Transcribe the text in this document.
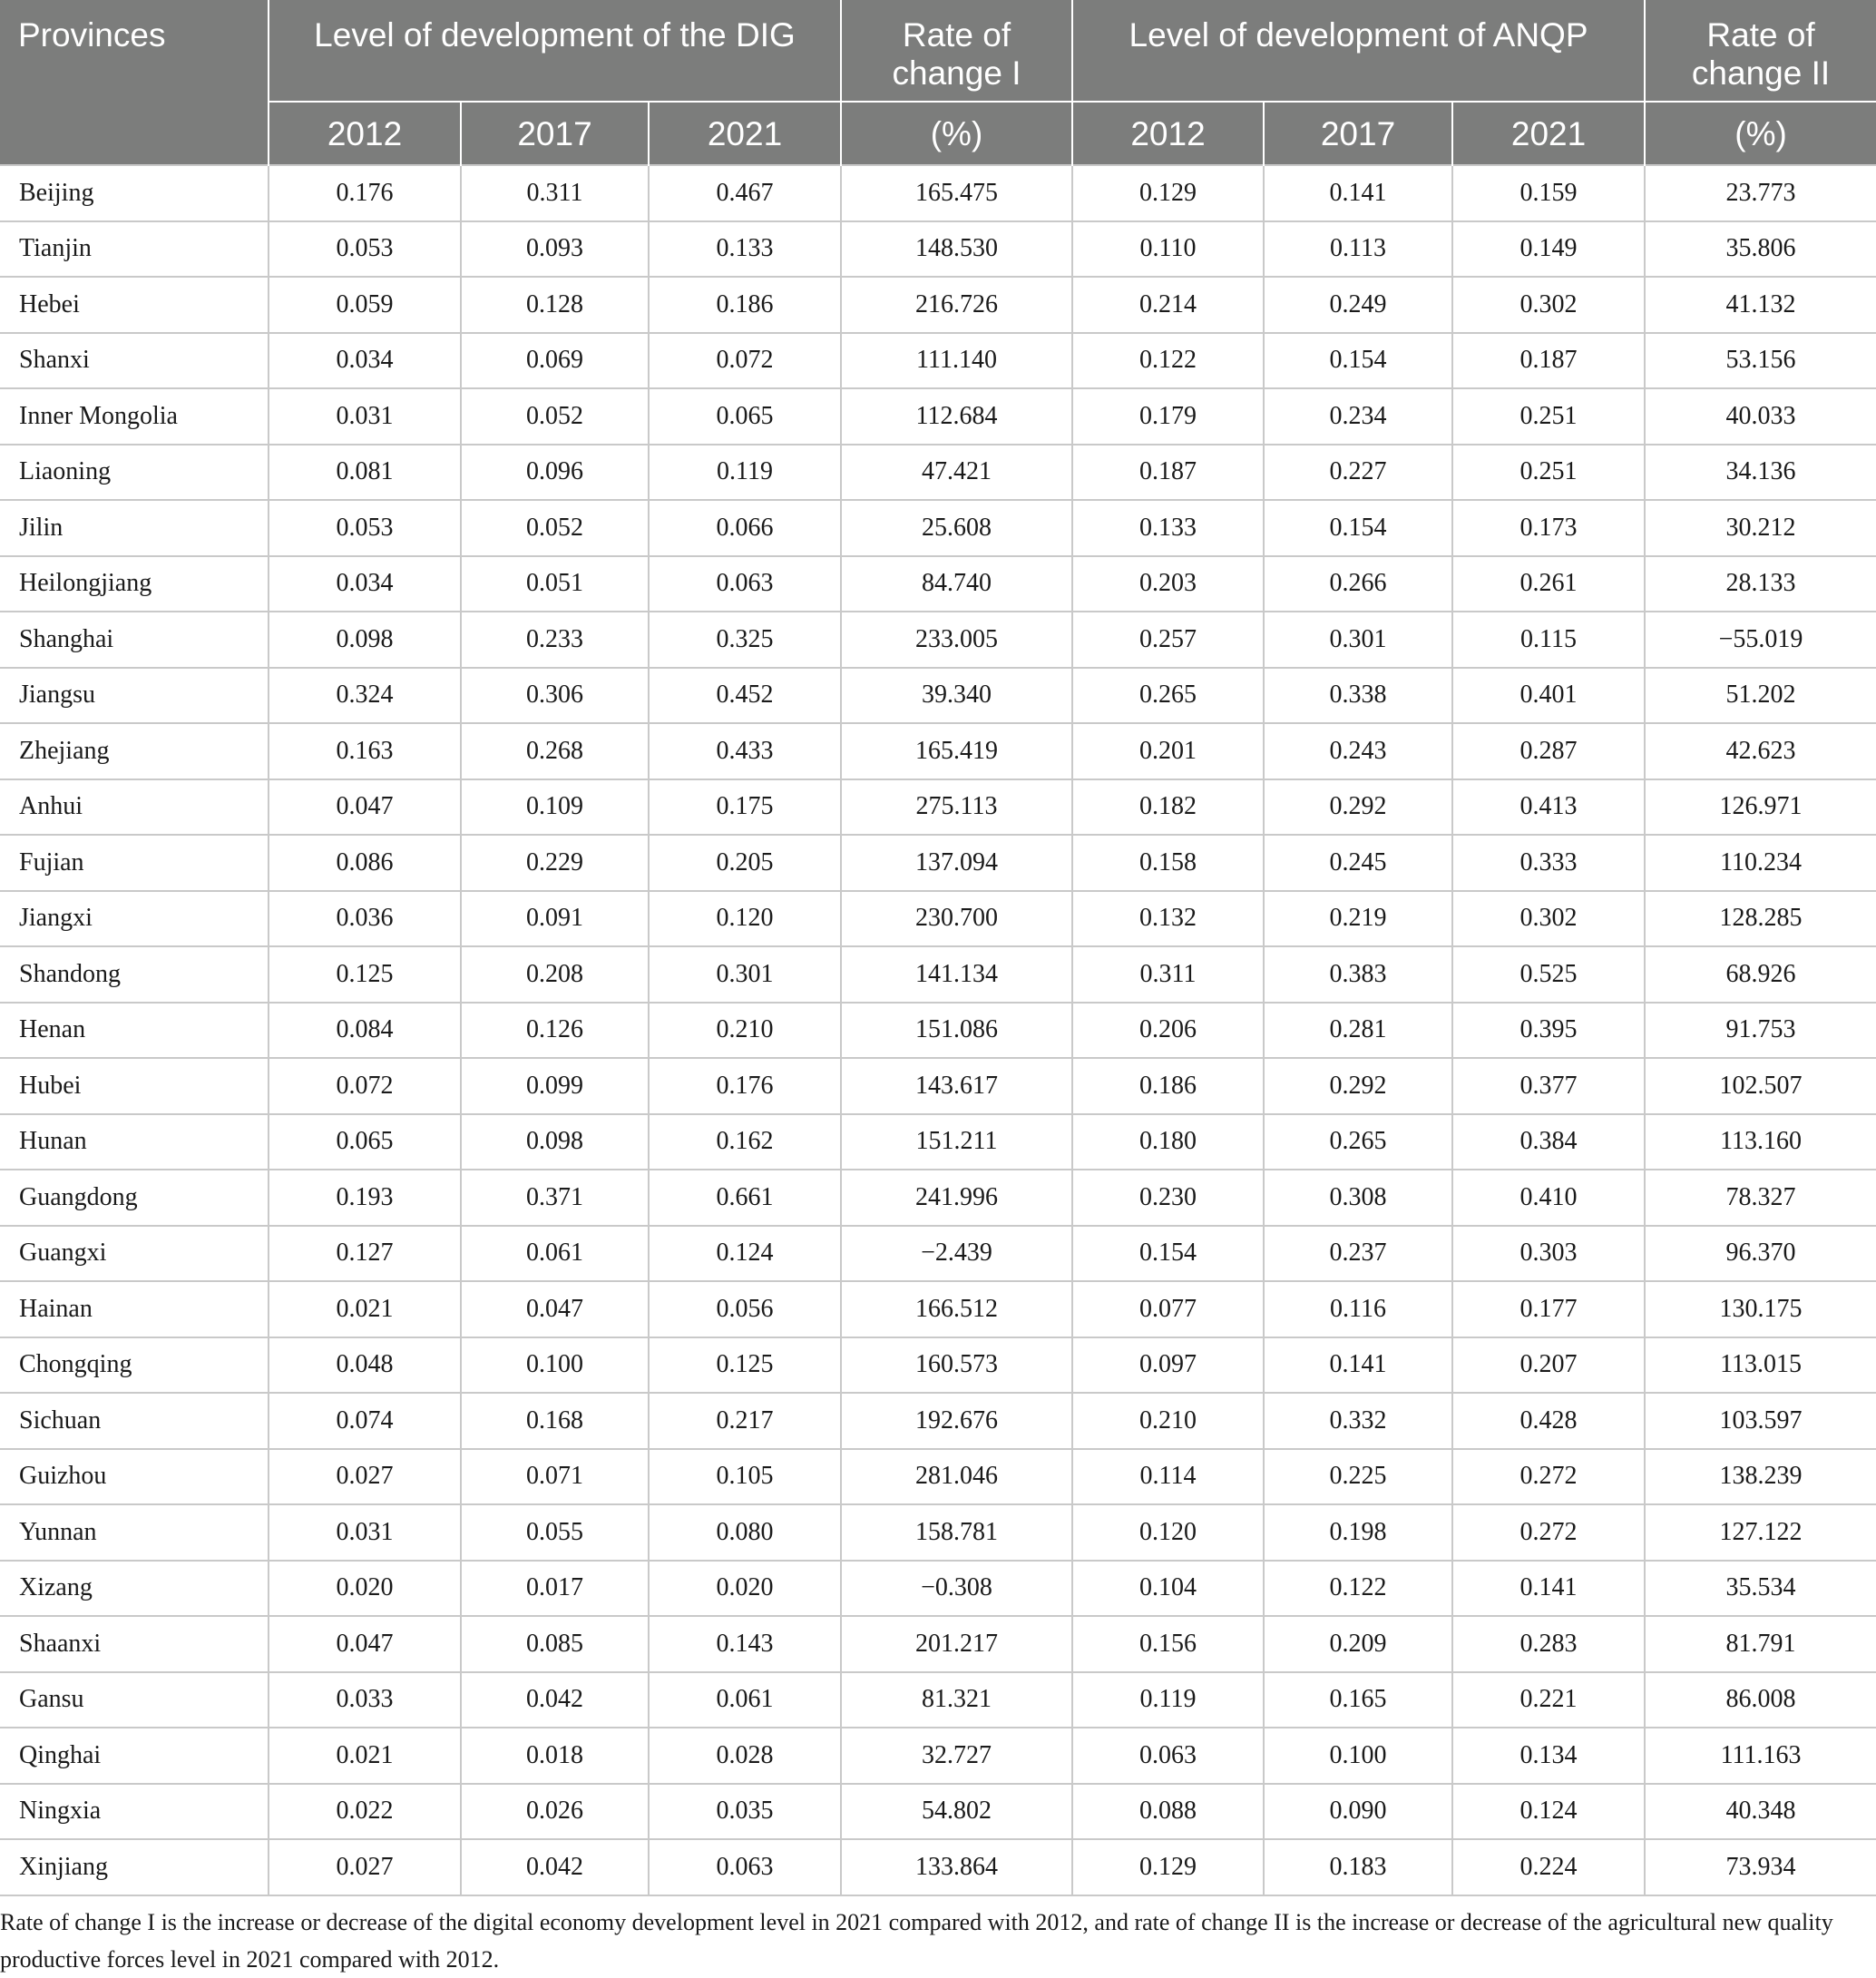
Provinces	Level of development of the DIG			Rate of change I	Level of development of ANQP			Rate of change II
	2012	2017	2021	(%)	2012	2017	2021	(%)
Beijing	0.176	0.311	0.467	165.475	0.129	0.141	0.159	23.773
Tianjin	0.053	0.093	0.133	148.530	0.110	0.113	0.149	35.806
Hebei	0.059	0.128	0.186	216.726	0.214	0.249	0.302	41.132
Shanxi	0.034	0.069	0.072	111.140	0.122	0.154	0.187	53.156
Inner Mongolia	0.031	0.052	0.065	112.684	0.179	0.234	0.251	40.033
Liaoning	0.081	0.096	0.119	47.421	0.187	0.227	0.251	34.136
Jilin	0.053	0.052	0.066	25.608	0.133	0.154	0.173	30.212
Heilongjiang	0.034	0.051	0.063	84.740	0.203	0.266	0.261	28.133
Shanghai	0.098	0.233	0.325	233.005	0.257	0.301	0.115	−55.019
Jiangsu	0.324	0.306	0.452	39.340	0.265	0.338	0.401	51.202
Zhejiang	0.163	0.268	0.433	165.419	0.201	0.243	0.287	42.623
Anhui	0.047	0.109	0.175	275.113	0.182	0.292	0.413	126.971
Fujian	0.086	0.229	0.205	137.094	0.158	0.245	0.333	110.234
Jiangxi	0.036	0.091	0.120	230.700	0.132	0.219	0.302	128.285
Shandong	0.125	0.208	0.301	141.134	0.311	0.383	0.525	68.926
Henan	0.084	0.126	0.210	151.086	0.206	0.281	0.395	91.753
Hubei	0.072	0.099	0.176	143.617	0.186	0.292	0.377	102.507
Hunan	0.065	0.098	0.162	151.211	0.180	0.265	0.384	113.160
Guangdong	0.193	0.371	0.661	241.996	0.230	0.308	0.410	78.327
Guangxi	0.127	0.061	0.124	−2.439	0.154	0.237	0.303	96.370
Hainan	0.021	0.047	0.056	166.512	0.077	0.116	0.177	130.175
Chongqing	0.048	0.100	0.125	160.573	0.097	0.141	0.207	113.015
Sichuan	0.074	0.168	0.217	192.676	0.210	0.332	0.428	103.597
Guizhou	0.027	0.071	0.105	281.046	0.114	0.225	0.272	138.239
Yunnan	0.031	0.055	0.080	158.781	0.120	0.198	0.272	127.122
Xizang	0.020	0.017	0.020	−0.308	0.104	0.122	0.141	35.534
Shaanxi	0.047	0.085	0.143	201.217	0.156	0.209	0.283	81.791
Gansu	0.033	0.042	0.061	81.321	0.119	0.165	0.221	86.008
Qinghai	0.021	0.018	0.028	32.727	0.063	0.100	0.134	111.163
Ningxia	0.022	0.026	0.035	54.802	0.088	0.090	0.124	40.348
Xinjiang	0.027	0.042	0.063	133.864	0.129	0.183	0.224	73.934

Rate of change I is the increase or decrease of the digital economy development level in 2021 compared with 2012, and rate of change II is the increase or decrease of the agricultural new quality productive forces level in 2021 compared with 2012.
